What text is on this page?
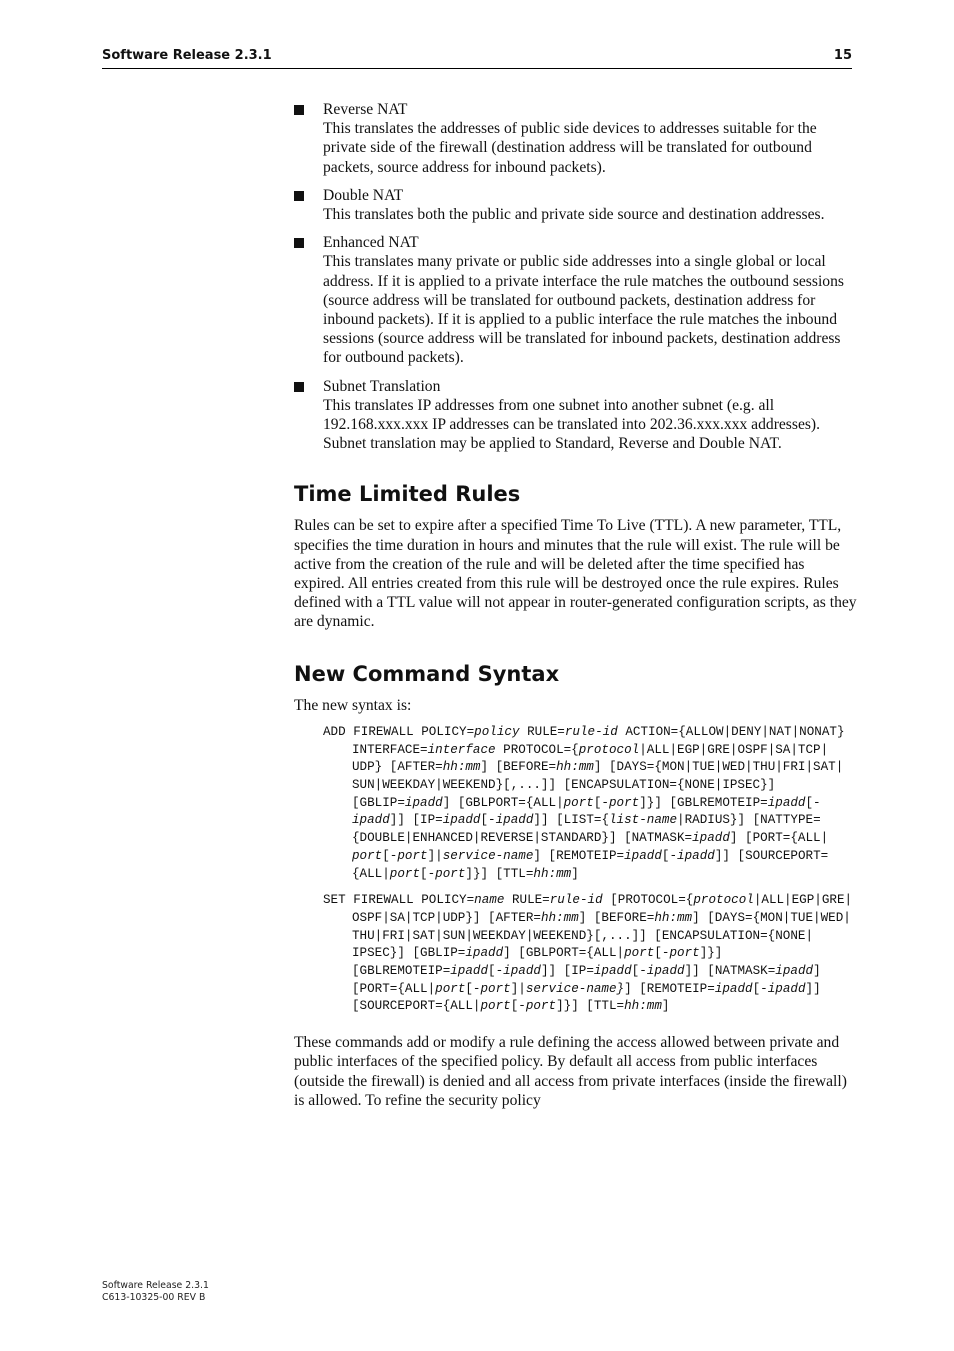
Software Release 2.3.1	15

Reverse NAT

This translates the addresses of public side devices to addresses suitable for the private side of the firewall (destination address will be translated for outbound packets, source address for inbound packets).

Double NAT

This translates both the public and private side source and destination addresses.

Enhanced NAT

This translates many private or public side addresses into a single global or local address. If it is applied to a private interface the rule matches the outbound sessions (source address will be translated for outbound packets, destination address for inbound packets). If it is applied to a public interface the rule matches the inbound sessions (source address will be translated for inbound packets, destination address for outbound packets).

Subnet Translation

This translates IP addresses from one subnet into another subnet (e.g. all 192.168.xxx.xxx IP addresses can be translated into 202.36.xxx.xxx addresses). Subnet translation may be applied to Standard, Reverse and Double NAT.

Time Limited Rules

Rules can be set to expire after a specified Time To Live (TTL). A new parameter, TTL, specifies the time duration in hours and minutes that the rule will exist. The rule will be active from the creation of the rule and will be deleted after the time specified has expired. All entries created from this rule will be destroyed once the rule expires. Rules defined with a TTL value will not appear in router-generated configuration scripts, as they are dynamic.

New Command Syntax

The new syntax is:

ADD FIREWALL POLICY=policy RULE=rule-id ACTION={ALLOW|​DENY|​NAT|​NONAT} INTERFACE=interface PROTOCOL={protocol|​ALL|​EGP|​GRE|​OSPF|​SA|​TCP|​UDP} [AFTER=hh:mm] [BEFORE=hh:mm] [DAYS={MON|​TUE|​WED|​THU|​FRI|​SAT|​SUN|​WEEKDAY|​WEEKEND}[,...]] [ENCAPSULATION={NONE|​IPSEC}] [GBLIP=ipadd] [GBLPORT={ALL|​port[-port]}] [GBLREMOTEIP=ipadd[-ipadd]] [IP=ipadd[-ipadd]] [LIST={list-name|​RADIUS}] [NATTYPE={DOUBLE|​ENHANCED|​REVERSE|​STANDARD}] [NATMASK=ipadd] [PORT={ALL|​port[-port]|​service-name] [REMOTEIP=ipadd[-ipadd]] [SOURCEPORT={ALL|​port[-port]}] [TTL=hh:mm]
SET FIREWALL POLICY=name RULE=rule-id [PROTOCOL={protocol|​ALL|​EGP|​GRE|​OSPF|​SA|​TCP|​UDP}] [AFTER=hh:mm] [BEFORE=hh:mm] [DAYS={MON|​TUE|​WED|​THU|​FRI|​SAT|​SUN|​WEEKDAY|​WEEKEND}[,...]] [ENCAPSULATION={NONE|​IPSEC}] [GBLIP=ipadd] [GBLPORT={ALL|​port[-port]}] [GBLREMOTEIP=ipadd[-ipadd]] [IP=ipadd[-ipadd]] [NATMASK=ipadd] [PORT={ALL|​port[-port]|​service-name}] [REMOTEIP=ipadd[-ipadd]] [SOURCEPORT={ALL|​port[-port]}] [TTL=hh:mm]

These commands add or modify a rule defining the access allowed between private and public interfaces of the specified policy. By default all access from public interfaces (outside the firewall) is denied and all access from private interfaces (inside the firewall) is allowed. To refine the security policy

Software Release 2.3.1
C613-10325-00 REV B
